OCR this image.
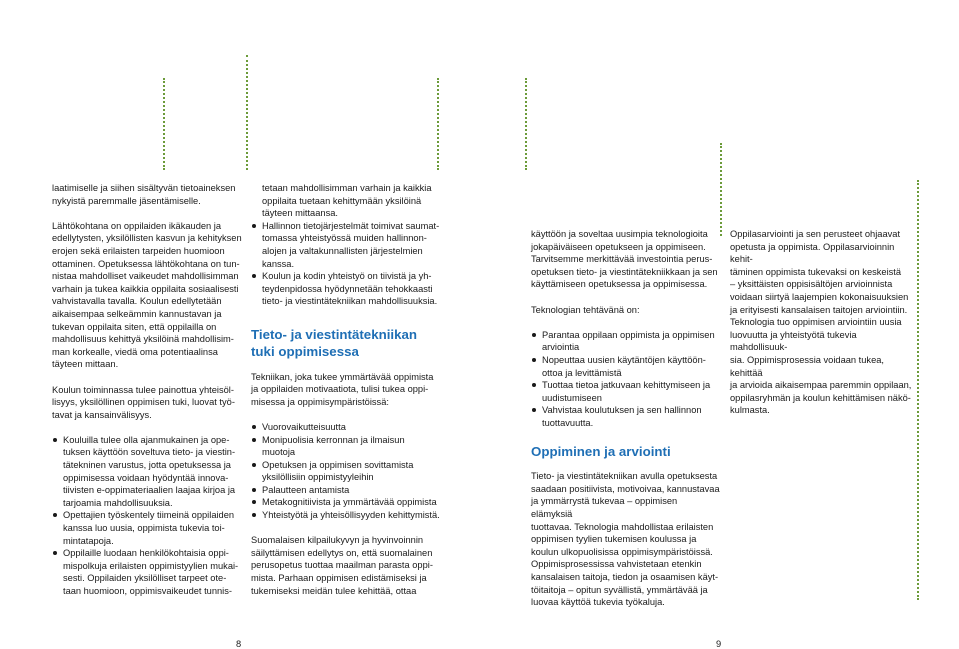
laatimiselle ja siihen sisältyvän tietoaineksen
nykyistä paremmalle jäsentämiselle.

Lähtökohtana on oppilaiden ikäkauden ja
edellytysten, yksilöllisten kasvun ja kehityksen
erojen sekä erilaisten tarpeiden huomioon
ottaminen. Opetuksessa lähtökohtana on tun-
nistaa mahdolliset vaikeudet mahdollisimman
varhain ja tukea kaikkia oppilaita sosiaalisesti
vahvistavalla tavalla. Koulun edellytetään
aikaisempaa selkeämmin kannustavan ja
tukevan oppilaita siten, että oppilailla on
mahdollisuus kehittyä yksilöinä mahdollisim-
man korkealle, viedä oma potentiaalinsa
täyteen mittaan.

Koulun toiminnassa tulee painottua yhteisöl-
lisyys, yksilöllinen oppimisen tuki, luovat työ-
tavat ja kansainvälisyys.

Kouluilla tulee olla ajanmukainen ja ope-
tuksen käyttöön soveltuva tieto- ja viestin-
tätekninen varustus, jotta opetuksessa ja
oppimisessa voidaan hyödyntää innova-
tiivisten e-oppimateriaalien laajaa kirjoa ja
tarjoamia mahdollisuuksia.
Opettajien työskentely tiimeinä oppilaiden
kanssa luo uusia, oppimista tukevia toi-
mintatapoja.
Oppilaille luodaan henkilökohtaisia oppi-
mispolkuja erilaisten oppimistyylien mukai-
sesti. Oppilaiden yksilölliset tarpeet ote-
taan huomioon, oppimisvaikeudet tunnis-

tetaan mahdollisimman varhain ja kaikkia
oppilaita tuetaan kehittymään yksilöinä
täyteen mittaansa.

Hallinnon tietojärjestelmät toimivat saumat-
tomassa yhteistyössä muiden hallinnon-
alojen ja valtakunnallisten järjestelmien
kanssa.
Koulun ja kodin yhteistyö on tiivistä ja yh-
teydenpidossa hyödynnetään tehokkaasti
tieto- ja viestintätekniikan mahdollisuuksia.
Tieto- ja viestintätekniikan
tuki oppimisessa

Tekniikan, joka tukee ymmärtävää oppimista
ja oppilaiden motivaatiota, tulisi tukea oppi-
misessa ja oppimisympäristöissä:

Vuorovaikutteisuutta
Monipuolisia kerronnan ja ilmaisun
muotoja
Opetuksen ja oppimisen sovittamista
yksilöllisiin oppimistyyleihin
Palautteen antamista
Metakognitiivista ja ymmärtävää oppimista
Yhteistyötä ja yhteisöllisyyden kehittymistä.

Suomalaisen kilpailukyvyn ja hyvinvoinnin
säilyttämisen edellytys on, että suomalainen
perusopetus tuottaa maailman parasta oppi-
mista. Parhaan oppimisen edistämiseksi ja
tukemiseksi meidän tulee kehittää, ottaa

käyttöön ja soveltaa uusimpia teknologioita
jokapäiväiseen opetukseen ja oppimiseen.
Tarvitsemme merkittävää investointia perus-
opetuksen tieto- ja viestintätekniikkaan ja sen
käyttämiseen opetuksessa ja oppimisessa.

Teknologian tehtävänä on:

Parantaa oppilaan oppimista ja oppimisen
arviointia
Nopeuttaa uusien käytäntöjen käyttöön-
ottoa ja levittämistä
Tuottaa tietoa jatkuvaan kehittymiseen ja
uudistumiseen
Vahvistaa koulutuksen ja sen hallinnon
tuottavuutta.
Oppiminen ja arviointi

Tieto- ja viestintätekniikan avulla opetuksesta
saadaan positiivista, motivoivaa, kannustavaa
ja ymmärrystä tukevaa – oppimisen elämyksiä
tuottavaa. Teknologia mahdollistaa erilaisten
oppimisen tyylien tukemisen koulussa ja
koulun ulkopuolisissa oppimisympäristöissä.
Oppimisprosessissa vahvistetaan etenkin
kansalaisen taitoja, tiedon ja osaamisen käyt-
töitaitoja – opitun syvällistä, ymmärtävää ja
luovaa käyttöä tukevia työkaluja.

Oppilasarviointi ja sen perusteet ohjaavat
opetusta ja oppimista. Oppilasarvioinnin kehit-
täminen oppimista tukevaksi on keskeistä
– yksittäisten oppisisältöjen arvioinnista
voidaan siirtyä laajempien kokonaisuuksien
ja erityisesti kansalaisen taitojen arviointiin.
Teknologia tuo oppimisen arviointiin uusia
luovuutta ja yhteistyötä tukevia mahdollisuuk-
sia. Oppimisprosessia voidaan tukea, kehittää
ja arvioida aikaisempaa paremmin oppilaan,
oppilasryhmän ja koulun kehittämisen näkö-
kulmasta.

8	9
